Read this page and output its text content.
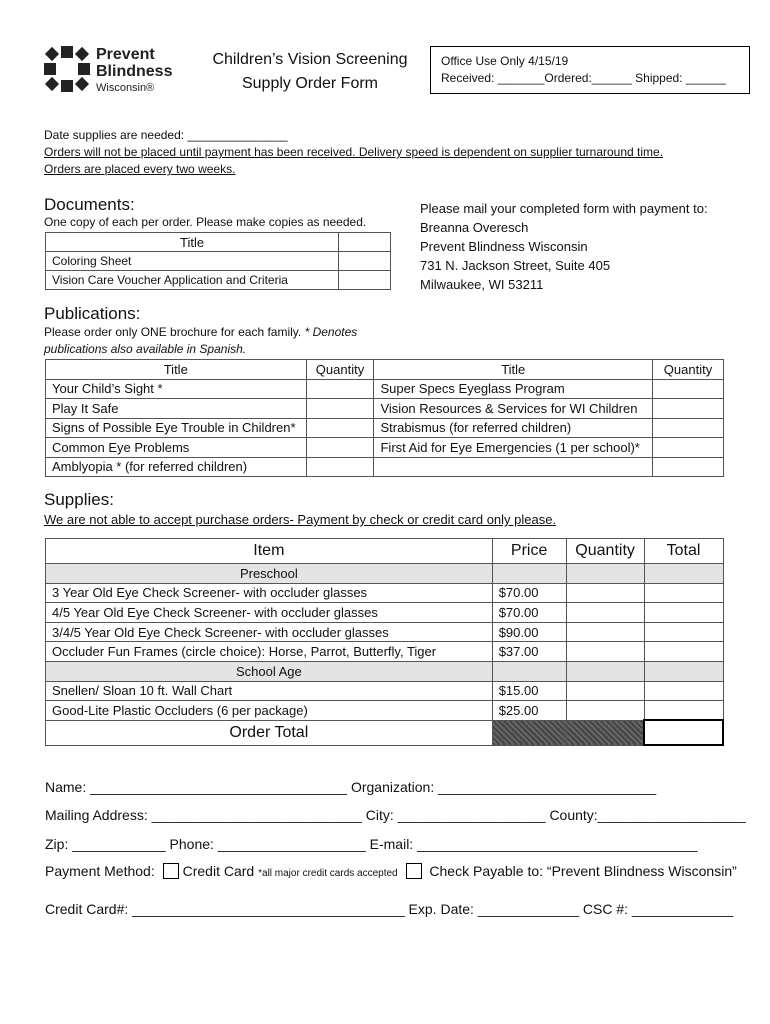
Prevent
Blindness
Wisconsin®
Children’s Vision Screening
Supply Order Form
Office Use Only 4/15/19
Received: _______Ordered:______ Shipped: ______
Date supplies are needed: _______________
Orders will not be placed until payment has been received. Delivery speed is dependent on supplier turnaround time.
Orders are placed every two weeks.
Documents:
One copy of each per order. Please make copies as needed.
Title	
Coloring Sheet	
Vision Care Voucher Application and Criteria	
Please mail your completed form with payment to:
Breanna Overesch
Prevent Blindness Wisconsin
731 N. Jackson Street, Suite 405
Milwaukee, WI 53211
Publications:
Please order only ONE brochure for each family. * Denotes
publications also available in Spanish.
Title	Quantity	Title	Quantity
Your Child’s Sight *		Super Specs Eyeglass Program	
Play It Safe		Vision Resources & Services for WI Children	
Signs of Possible Eye Trouble in Children*		Strabismus (for referred children)	
Common Eye Problems		First Aid for Eye Emergencies (1 per school)*	
Amblyopia * (for referred children)			
Supplies:
We are not able to accept purchase orders- Payment by check or credit card only please.
Item	Price	Quantity	Total
Preschool			
3 Year Old Eye Check Screener- with occluder glasses	$70.00		
4/5 Year Old Eye Check Screener- with occluder glasses	$70.00		
3/4/5 Year Old Eye Check Screener- with occluder glasses	$90.00		
Occluder Fun Frames (circle choice): Horse, Parrot, Butterfly, Tiger	$37.00		
School Age			
Snellen/ Sloan 10 ft. Wall Chart	$15.00		
Good-Lite Plastic Occluders (6 per package)	$25.00		
Order Total			
Name: _________________________________ Organization: ____________________________
Mailing Address: ___________________________ City: ___________________ County:___________________
Zip: ____________ Phone: ___________________ E-mail: ____________________________________
Payment Method: Credit Card *all major credit cards accepted Check Payable to: “Prevent Blindness Wisconsin”
Credit Card#: ___________________________________ Exp. Date: _____________ CSC #: _____________
